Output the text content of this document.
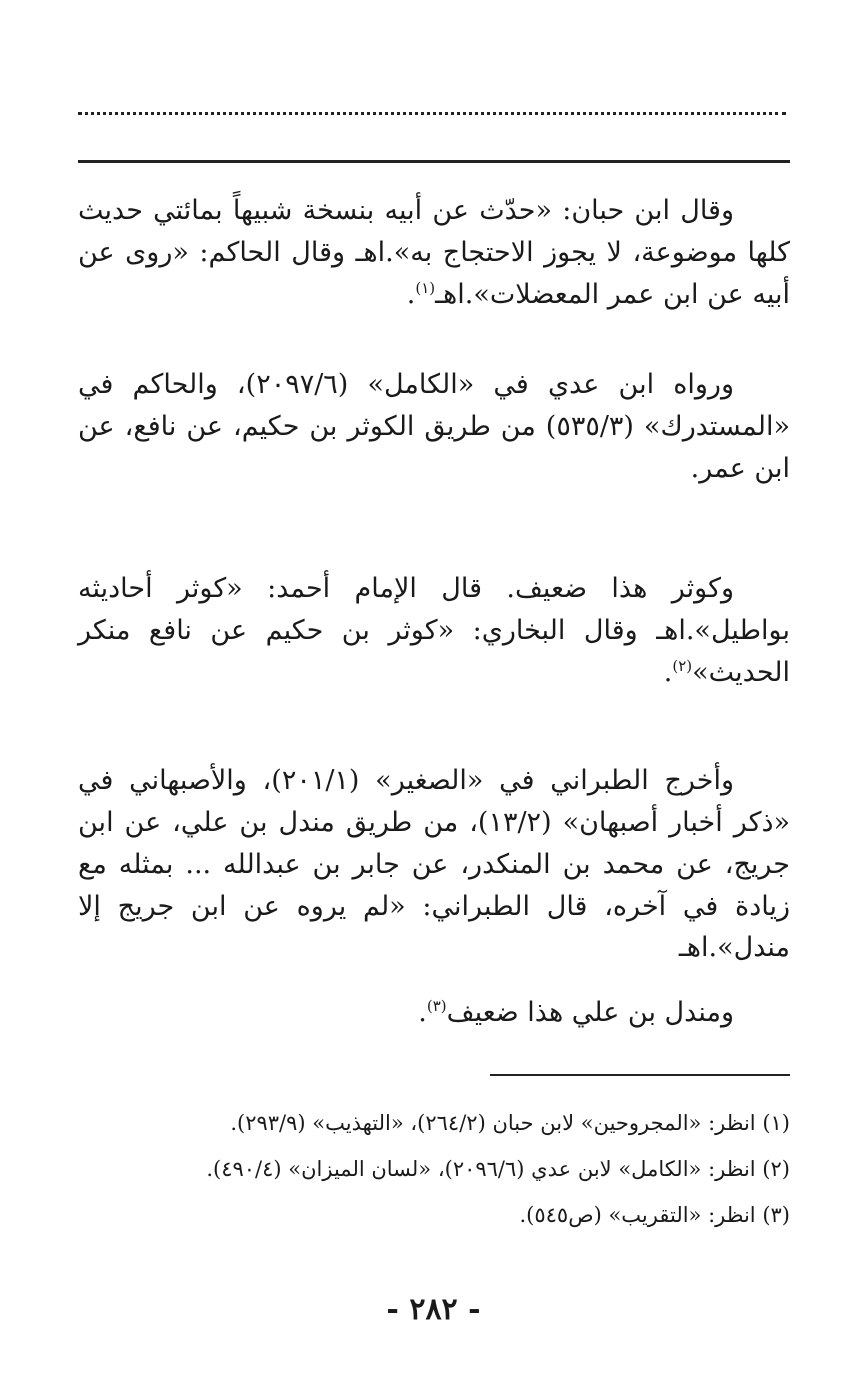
وقال ابن حبان: «حدّث عن أبيه بنسخة شبيهاً بمائتي حديث كلها موضوعة، لا يجوز الاحتجاج به».اهـ وقال الحاكم: «روى عن أبيه عن ابن عمر المعضلات».اهـ$^{(١)}$.

ورواه ابن عدي في «الكامل» (٢٠٩٧/٦)، والحاكم في «المستدرك» (٥٣٥/٣) من طريق الكوثر بن حكيم، عن نافع، عن ابن عمر.

وكوثر هذا ضعيف. قال الإمام أحمد: «كوثر أحاديثه بواطيل».اهـ وقال البخاري: «كوثر بن حكيم عن نافع منكر الحديث»$^{(٢)}$.

وأخرج الطبراني في «الصغير» (٢٠١/١)، والأصبهاني في «ذكر أخبار أصبهان» (١٣/٢)، من طريق مندل بن علي، عن ابن جريج، عن محمد بن المنكدر، عن جابر بن عبدالله ... بمثله مع زيادة في آخره، قال الطبراني: «لم يروه عن ابن جريج إلا مندل».اهـ

ومندل بن علي هذا ضعيف$^{(٣)}$.

(١) انظر: «المجروحين» لابن حبان (٢٦٤/٢)، «التهذيب» (٢٩٣/٩).
(٢) انظر: «الكامل» لابن عدي (٢٠٩٦/٦)، «لسان الميزان» (٤٩٠/٤).
(٣) انظر: «التقريب» (ص٥٤٥).
- ٢٨٢ -
